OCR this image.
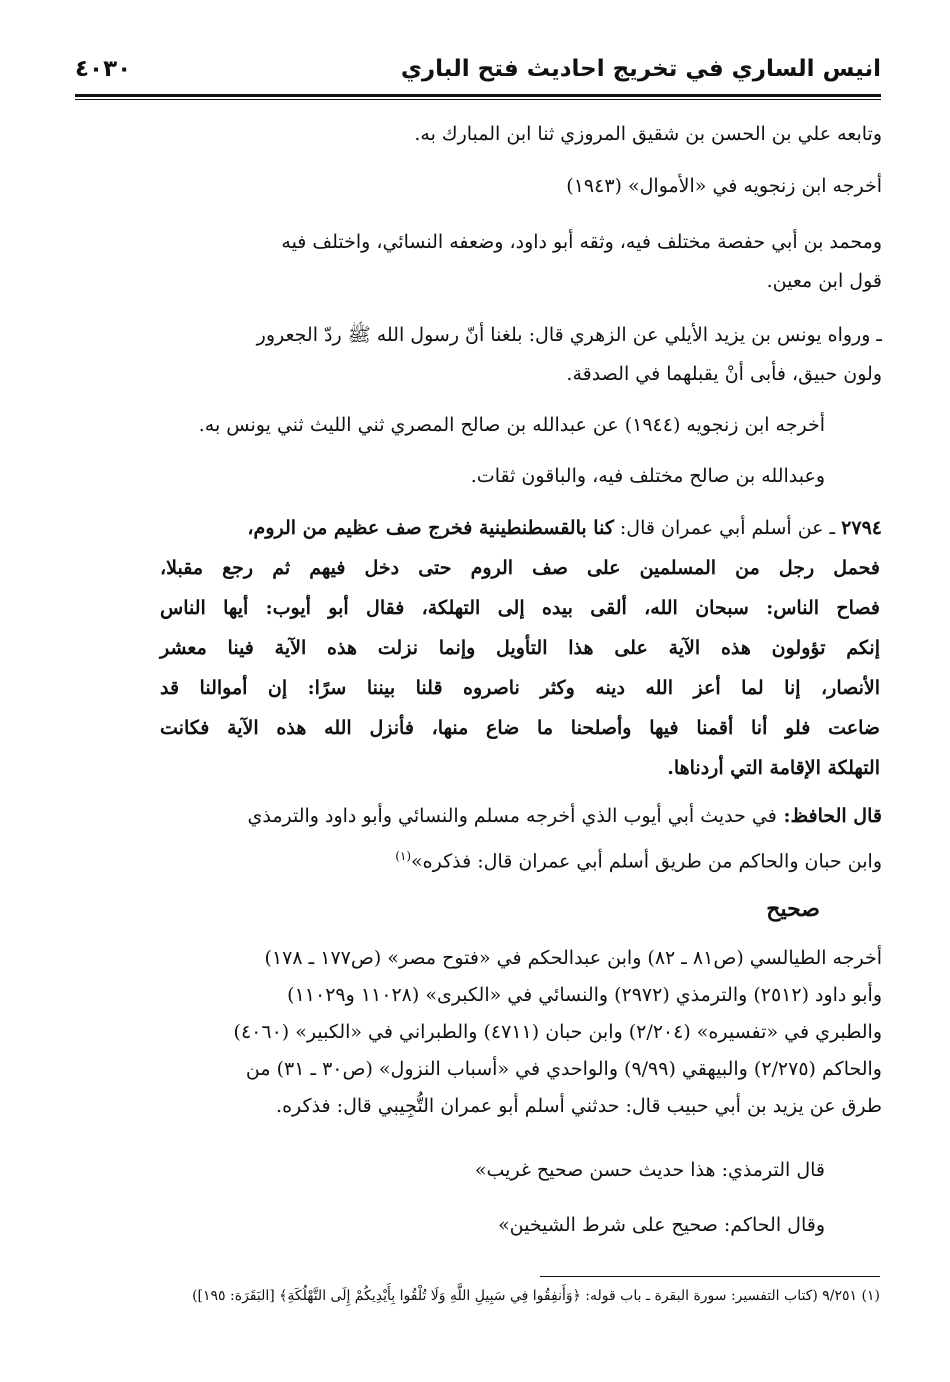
انيس الساري في تخريج احاديث فتح الباري
٤٠٣٠
وتابعه علي بن الحسن بن شقيق المروزي ثنا ابن المبارك به.
أخرجه ابن زنجويه في «الأموال» (١٩٤٣)
ومحمد بن أبي حفصة مختلف فيه، وثقه أبو داود، وضعفه النسائي، واختلف فيه
قول ابن معين.
ـ ورواه يونس بن يزيد الأيلي عن الزهري قال: بلغنا أنّ رسول الله ﷺ ردّ الجعرور
ولون حبيق، فأبى أنْ يقبلهما في الصدقة.
أخرجه ابن زنجويه (١٩٤٤) عن عبدالله بن صالح المصري ثني الليث ثني يونس به.
وعبدالله بن صالح مختلف فيه، والباقون ثقات.
٢٧٩٤ ـ عن أسلم أبي عمران قال: كنا بالقسطنطينية فخرج صف عظيم من الروم،
فحمل رجل من المسلمين على صف الروم حتى دخل فيهم ثم رجع مقبلا،
فصاح الناس: سبحان الله، ألقى بيده إلى التهلكة، فقال أبو أيوب: أيها الناس
إنكم تؤولون هذه الآية على هذا التأويل وإنما نزلت هذه الآية فينا معشر
الأنصار، إنا لما أعز الله دينه وكثر ناصروه قلنا بيننا سرًا: إن أموالنا قد
ضاعت فلو أنا أقمنا فيها وأصلحنا ما ضاع منها، فأنزل الله هذه الآية فكانت
التهلكة الإقامة التي أردناها.
قال الحافظ: في حديث أبي أيوب الذي أخرجه مسلم والنسائي وأبو داود والترمذي
وابن حبان والحاكم من طريق أسلم أبي عمران قال: فذكره»$^{(١)}$
صحيح
أخرجه الطيالسي (ص٨١ ـ ٨٢) وابن عبدالحكم في «فتوح مصر» (ص١٧٧ ـ ١٧٨)
وأبو داود (٢٥١٢) والترمذي (٢٩٧٢) والنسائي في «الكبرى» (١١٠٢٨ و١١٠٢٩)
والطبري في «تفسيره» (٢/٢٠٤) وابن حبان (٤٧١١) والطبراني في «الكبير» (٤٠٦٠)
والحاكم (٢/٢٧٥) والبيهقي (٩/٩٩) والواحدي في «أسباب النزول» (ص٣٠ ـ ٣١) من
طرق عن يزيد بن أبي حبيب قال: حدثني أسلم أبو عمران التُّجِيبي قال: فذكره.
قال الترمذي: هذا حديث حسن صحيح غريب»
وقال الحاكم: صحيح على شرط الشيخين»
(١) ٩/٢٥١ (كتاب التفسير: سورة البقرة ـ باب قوله: ﴿وَأَنفِقُوا فِي سَبِيلِ اللَّهِ وَلَا تُلْقُوا بِأَيْدِيكُمْ إِلَى التَّهْلُكَةِ﴾ [البَقَرَة: ١٩٥])
